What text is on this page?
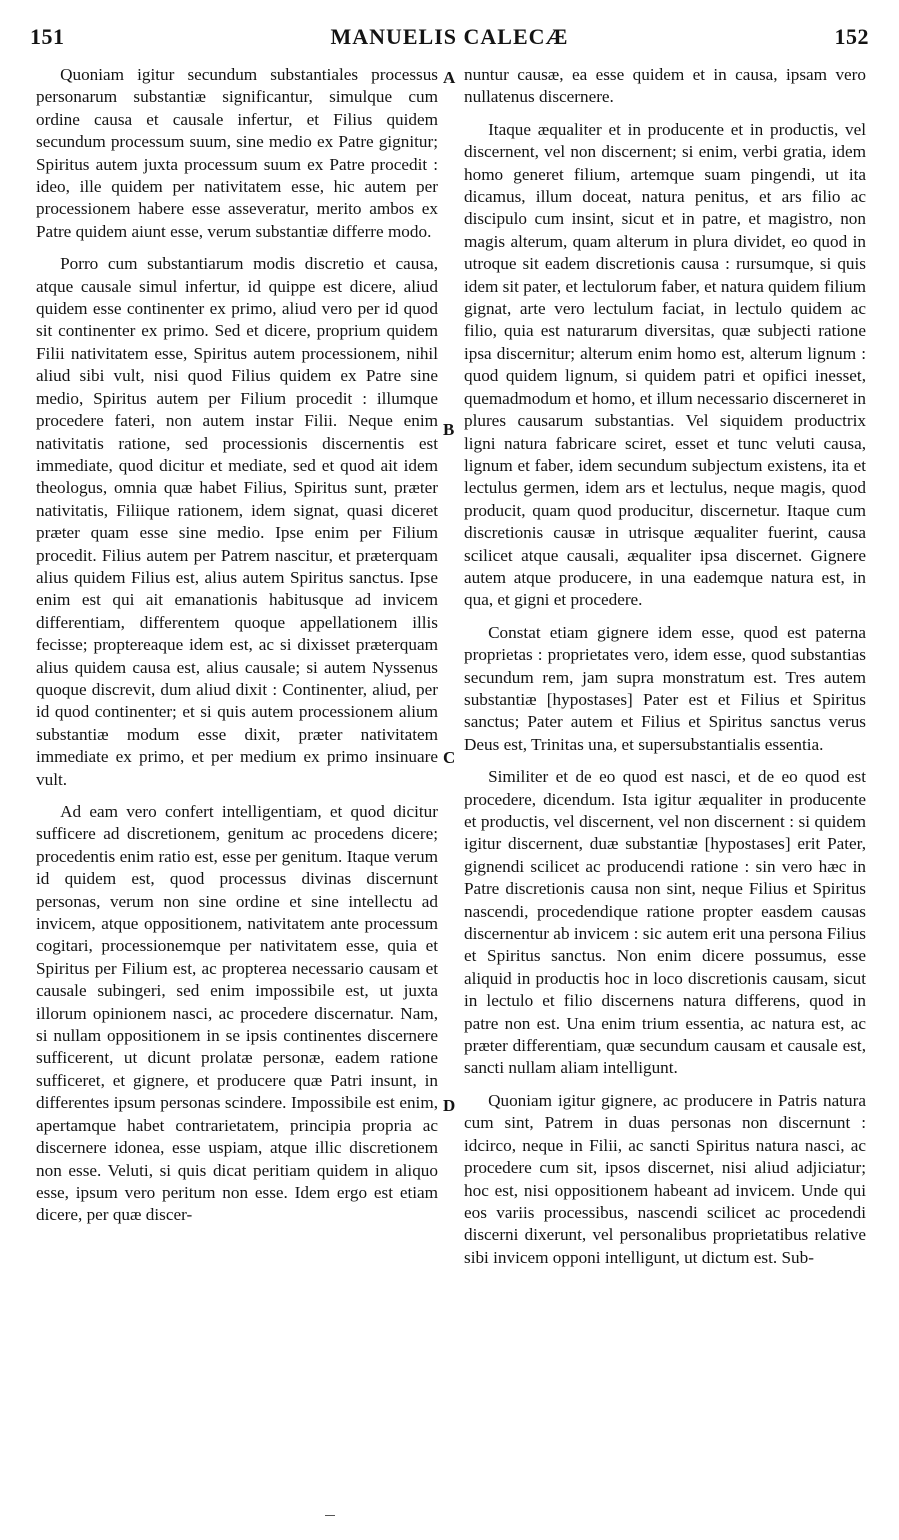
151	MANUELIS CALECÆ	152
A
B
C
D

Quoniam igitur secundum substantiales processus personarum substantiæ significantur, simulque cum ordine causa et causale infertur, et Filius quidem secundum processum suum, sine medio ex Patre gignitur; Spiritus autem juxta processum suum ex Patre procedit : ideo, ille quidem per nativitatem esse, hic autem per processionem habere esse asseveratur, merito ambos ex Patre quidem aiunt esse, verum substantiæ differre modo.

Porro cum substantiarum modis discretio et causa, atque causale simul infertur, id quippe est dicere, aliud quidem esse continenter ex primo, aliud vero per id quod sit continenter ex primo. Sed et dicere, proprium quidem Filii nativitatem esse, Spiritus autem processionem, nihil aliud sibi vult, nisi quod Filius quidem ex Patre sine medio, Spiritus autem per Filium procedit : illumque procedere fateri, non autem instar Filii. Neque enim nativitatis ratione, sed processionis discernentis est immediate, quod dicitur et mediate, sed et quod ait idem theologus, omnia quæ habet Filius, Spiritus sunt, præter nativitatis, Filiique rationem, idem signat, quasi diceret præter quam esse sine medio. Ipse enim per Filium procedit. Filius autem per Patrem nascitur, et præterquam alius quidem Filius est, alius autem Spiritus sanctus. Ipse enim est qui ait emanationis habitusque ad invicem differentiam, differentem quoque appellationem illis fecisse; proptereaque idem est, ac si dixisset præterquam alius quidem causa est, alius causale; si autem Nyssenus quoque discrevit, dum aliud dixit : Continenter, aliud, per id quod continenter; et si quis autem processionem alium substantiæ modum esse dixit, præter nativitatem immediate ex primo, et per medium ex primo insinuare vult.

Ad eam vero confert intelligentiam, et quod dicitur sufficere ad discretionem, genitum ac procedens dicere; procedentis enim ratio est, esse per genitum. Itaque verum id quidem est, quod processus divinas discernunt personas, verum non sine ordine et sine intellectu ad invicem, atque oppositionem, nativitatem ante processum cogitari, processionemque per nativitatem esse, quia et Spiritus per Filium est, ac propterea necessario causam et causale subingeri, sed enim impossibile est, ut juxta illorum opinionem nasci, ac procedere discernatur. Nam, si nullam oppositionem in se ipsis continentes discernere sufficerent, ut dicunt prolatæ personæ, eadem ratione sufficeret, et gignere, et producere quæ Patri insunt, in differentes ipsum personas scindere. Impossibile est enim, apertamque habet contrarietatem, principia propria ac discernere idonea, esse uspiam, atque illic discretionem non esse. Veluti, si quis dicat peritiam quidem in aliquo esse, ipsum vero peritum non esse. Idem ergo est etiam dicere, per quæ discer-

nuntur causæ, ea esse quidem et in causa, ipsam vero nullatenus discernere.

Itaque æqualiter et in producente et in productis, vel discernent, vel non discernent; si enim, verbi gratia, idem homo generet filium, artemque suam pingendi, ut ita dicamus, illum doceat, natura penitus, et ars filio ac discipulo cum insint, sicut et in patre, et magistro, non magis alterum, quam alterum in plura dividet, eo quod in utroque sit eadem discretionis causa : rursumque, si quis idem sit pater, et lectulorum faber, et natura quidem filium gignat, arte vero lectulum faciat, in lectulo quidem ac filio, quia est naturarum diversitas, quæ subjecti ratione ipsa discernitur; alterum enim homo est, alterum lignum : quod quidem lignum, si quidem patri et opifici inesset, quemadmodum et homo, et illum necessario discerneret in plures causarum substantias. Vel siquidem productrix ligni natura fabricare sciret, esset et tunc veluti causa, lignum et faber, idem secundum subjectum existens, ita et lectulus germen, idem ars et lectulus, neque magis, quod producit, quam quod producitur, discernetur. Itaque cum discretionis causæ in utrisque æqualiter fuerint, causa scilicet atque causali, æqualiter ipsa discernet. Gignere autem atque producere, in una eademque natura est, in qua, et gigni et procedere.

Constat etiam gignere idem esse, quod est paterna proprietas : proprietates vero, idem esse, quod substantias secundum rem, jam supra monstratum est. Tres autem substantiæ [hypostases] Pater est et Filius et Spiritus sanctus; Pater autem et Filius et Spiritus sanctus verus Deus est, Trinitas una, et supersubstantialis essentia.

Similiter et de eo quod est nasci, et de eo quod est procedere, dicendum. Ista igitur æqualiter in producente et productis, vel discernent, vel non discernent : si quidem igitur discernent, duæ substantiæ [hypostases] erit Pater, gignendi scilicet ac producendi ratione : sin vero hæc in Patre discretionis causa non sint, neque Filius et Spiritus nascendi, procedendique ratione propter easdem causas discernentur ab invicem : sic autem erit una persona Filius et Spiritus sanctus. Non enim dicere possumus, esse aliquid in productis hoc in loco discretionis causam, sicut in lectulo et filio discernens natura differens, quod in patre non est. Una enim trium essentia, ac natura est, ac præter differentiam, quæ secundum causam et causale est, sancti nullam aliam intelligunt.

Quoniam igitur gignere, ac producere in Patris natura cum sint, Patrem in duas personas non discernunt : idcirco, neque in Filii, ac sancti Spiritus natura nasci, ac procedere cum sit, ipsos discernet, nisi aliud adjiciatur; hoc est, nisi oppositionem habeant ad invicem. Unde qui eos variis processibus, nascendi scilicet ac procedendi discerni dixerunt, vel personalibus proprietatibus relative sibi invicem opponi intelligunt, ut dictum est. Sub-
